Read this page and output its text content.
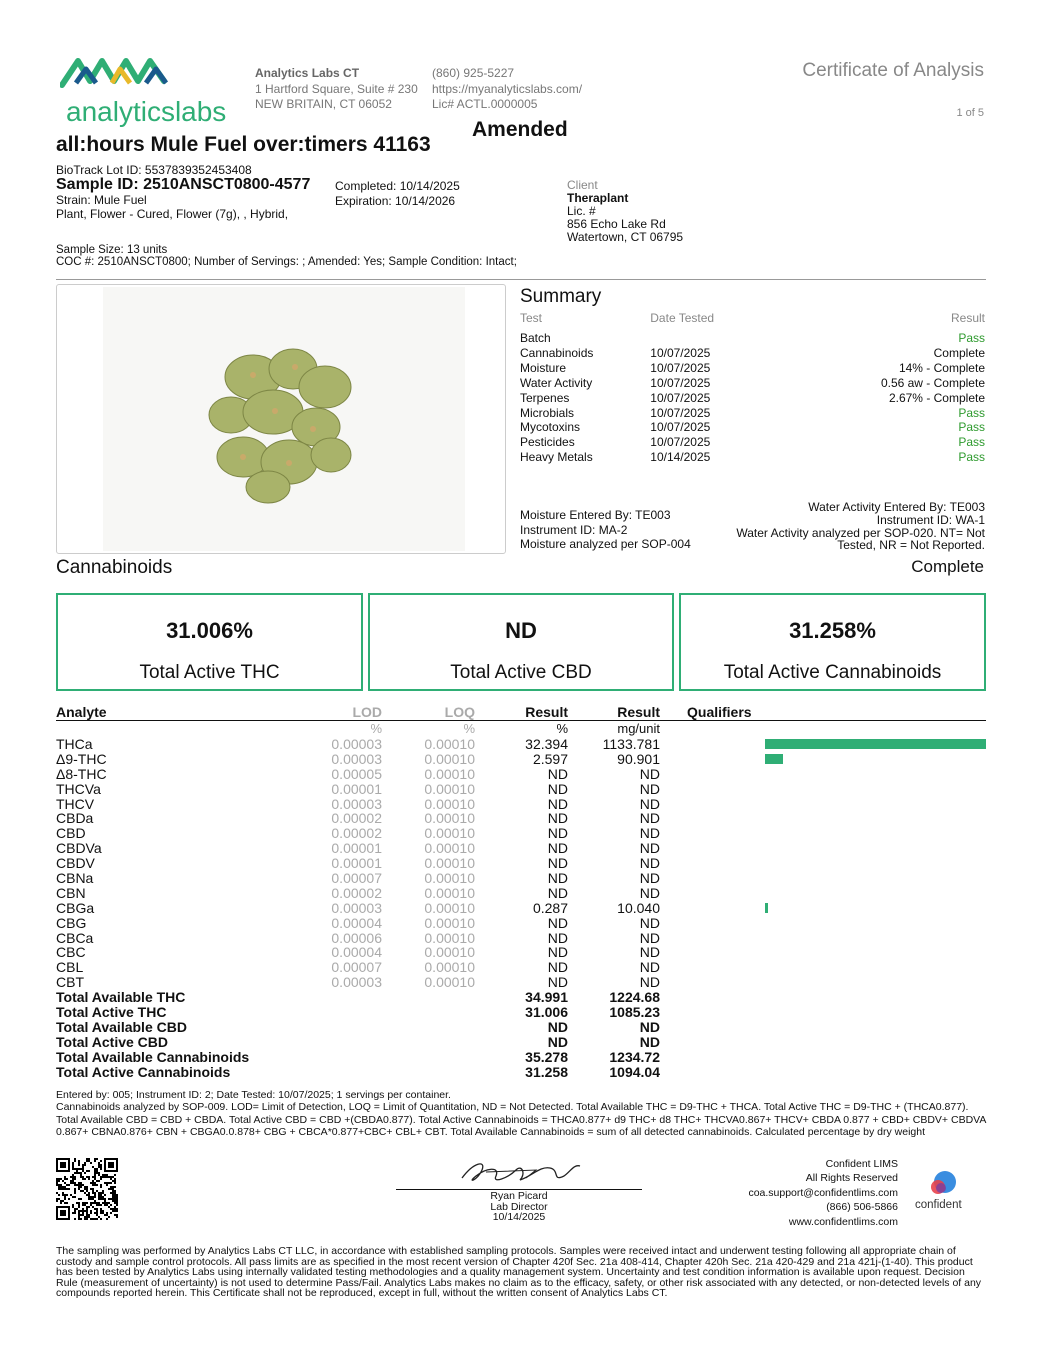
analyticslabs
Analytics Labs CT
1 Hartford Square, Suite # 230
NEW BRITAIN, CT 06052
(860) 925-5227
https://myanalyticslabs.com/
Lic# ACTL.0000005
Certificate of Analysis
1 of 5
Amended
all:hours Mule Fuel over:timers 41163
BioTrack Lot ID: 5537839352453408
Sample ID: 2510ANSCT0800-4577
Strain: Mule Fuel
Plant, Flower - Cured, Flower (7g), , Hybrid,
Completed: 10/14/2025
Expiration: 10/14/2026
Client
Theraplant
Lic. #
856 Echo Lake Rd
Watertown, CT 06795
Sample Size: 13 units
COC #: 2510ANSCT0800; Number of Servings: ; Amended: Yes; Sample Condition: Intact;
Summary
Test	Date Tested	Result
Batch		Pass
Cannabinoids	10/07/2025	Complete
Moisture	10/07/2025	14% - Complete
Water Activity	10/07/2025	0.56 aw - Complete
Terpenes	10/07/2025	2.67% - Complete
Microbials	10/07/2025	Pass
Mycotoxins	10/07/2025	Pass
Pesticides	10/07/2025	Pass
Heavy Metals	10/14/2025	Pass
Moisture Entered By: TE003
Instrument ID: MA-2
Moisture analyzed per SOP-004
Water Activity Entered By: TE003
Instrument ID: WA-1
Water Activity analyzed per SOP-020. NT= Not
Tested, NR = Not Reported.
Cannabinoids	Complete
31.006%
Total Active THC
ND
Total Active CBD
31.258%
Total Active Cannabinoids
Analyte	LOD	LOQ	Result	Result Qualifiers
%	%	%	mg/unit
THCa	0.00003	0.00010	32.394 1133.781
Δ9-THC	0.00003	0.00010	2.597	90.901
Δ8-THC	0.00005	0.00010	ND	ND
THCVa	0.00001	0.00010	ND	ND
THCV	0.00003	0.00010	ND	ND
CBDa	0.00002	0.00010	ND	ND
CBD	0.00002	0.00010	ND	ND
CBDVa	0.00001	0.00010	ND	ND
CBDV	0.00001	0.00010	ND	ND
CBNa	0.00007	0.00010	ND	ND
CBN	0.00002	0.00010	ND	ND
CBGa	0.00003	0.00010	0.287	10.040
CBG	0.00004	0.00010	ND	ND
CBCa	0.00006	0.00010	ND	ND
CBC	0.00004	0.00010	ND	ND
CBL	0.00007	0.00010	ND	ND
CBT	0.00003	0.00010	ND	ND
Total Available THC	34.991	1224.68
Total Active THC	31.006	1085.23
Total Available CBD	ND	ND
Total Active CBD	ND	ND
Total Available Cannabinoids	35.278	1234.72
Total Active Cannabinoids	31.258	1094.04
Entered by: 005; Instrument ID: 2; Date Tested: 10/07/2025; 1 servings per container.
Cannabinoids analyzed by SOP-009. LOD= Limit of Detection, LOQ = Limit of Quantitation, ND = Not Detected. Total Available THC = D9-THC + THCA. Total Active THC = D9-THC + (THCA0.877). Total Available CBD = CBD + CBDA. Total Active CBD = CBD +(CBDA0.877). Total Active Cannabinoids = THCA0.877+ d9 THC+ d8 THC+ THCVA0.867+ THCV+ CBDA 0.877 + CBD+ CBDV+ CBDVA 0.867+ CBNA0.876+ CBN + CBGA0.0.878+ CBG + CBCA*0.877+CBC+ CBL+ CBT. Total Available Cannabinoids = sum of all detected cannabinoids. Calculated percentage by dry weight
Ryan Picard
Lab Director
10/14/2025
Confident LIMS
All Rights Reserved
coa.support@confidentlims.com
(866) 506-5866
www.confidentlims.com
confident
The sampling was performed by Analytics Labs CT LLC, in accordance with established sampling protocols. Samples were received intact and underwent testing following all appropriate chain of custody and sample control protocols. All pass limits are as specified in the most recent version of Chapter 420f Sec. 21a 408-414, Chapter 420h Sec. 21a 420-429 and 21a 421j-(1-40). This product has been tested by Analytics Labs using internally validated testing methodologies and a quality management system. Uncertainty and test condition information is available upon request. Decision Rule (measurement of uncertainty) is not used to determine Pass/Fail. Analytics Labs makes no claim as to the efficacy, safety, or other risk associated with any detected, or non-detected levels of any compounds reported herein. This Certificate shall not be reproduced, except in full, without the written consent of Analytics Labs CT.
